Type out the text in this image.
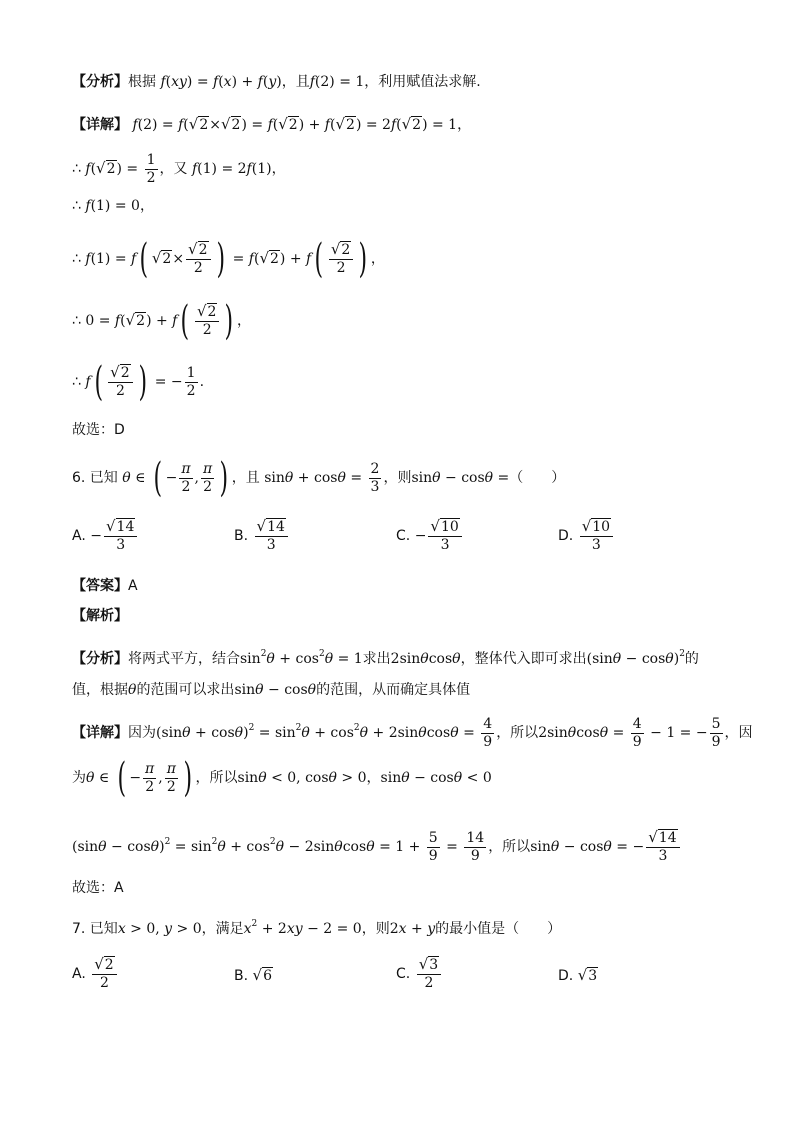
【分析】根据 f(xy) = f(x) + f(y)，且f(2) = 1，利用赋值法求解.
【详解】 f(2) = f(√2×√2) = f(√2) + f(√2) = 2f(√2) = 1，
∴ $f(√2) = \frac{1}{2}$ ，又 f(1) = 2f(1)，
∴ f(1) = 0，
∴ f(1) = f( $√2\times \frac{√2}{2}$ ) = $f(√2) + f( \frac{√2}{2}$ ) ，
∴ $0 = f(√2) + f( \frac{√2}{2}$ ) ，
∴ $f( \frac{√2}{2}$ ) = − $\frac{1}{2}$ .
故选：D
6. 已知 θ ∈ ( − $\frac{\pi}{2}$ , $\frac{\pi}{2}$ ) ，且 $\sin\theta + \cos\theta = \frac{2}{3}$ ，则sinθ − cosθ =（　　）
A. − $\frac{√14}{3}$	B. $\frac{√14}{3}$	C. − $\frac{√10}{3}$	D. $\frac{√10}{3}$
【答案】A
【解析】
【分析】将两式平方，结合$\sin^2\theta + \cos^2\theta = 1$求出2sinθcosθ，整体代入即可求出$(\sin\theta - \cos\theta)^2$的
值，根据θ的范围可以求出sinθ − cosθ的范围，从而确定具体值
【详解】因为$(\sin\theta + \cos\theta)^2 = \sin^2\theta + \cos^2\theta + 2\sin\theta\cos\theta = \frac{4}{9}$ ，所以$2\sin\theta\cos\theta = \frac{4}{9} - 1$ = − $\frac{5}{9}$ ，因
为θ ∈ ( − $\frac{\pi}{2}$ , $\frac{\pi}{2}$ ) ，所以sinθ < 0, cosθ > 0，sinθ − cosθ < 0
$(\sin\theta - \cos\theta)^2 = \sin^2\theta + \cos^2\theta - 2\sin\theta\cos\theta = 1 + \frac{5}{9} = \frac{14}{9}$ ，所以sinθ − cosθ = − $\frac{√14}{3}$
故选：A
7. 已知x > 0, y > 0，满足$x^2 + 2xy - 2 = 0$，则2x + y的最小值是（　　）
A. $\frac{√2}{2}$	B. √6	C. $\frac{√3}{2}$	D. √3
